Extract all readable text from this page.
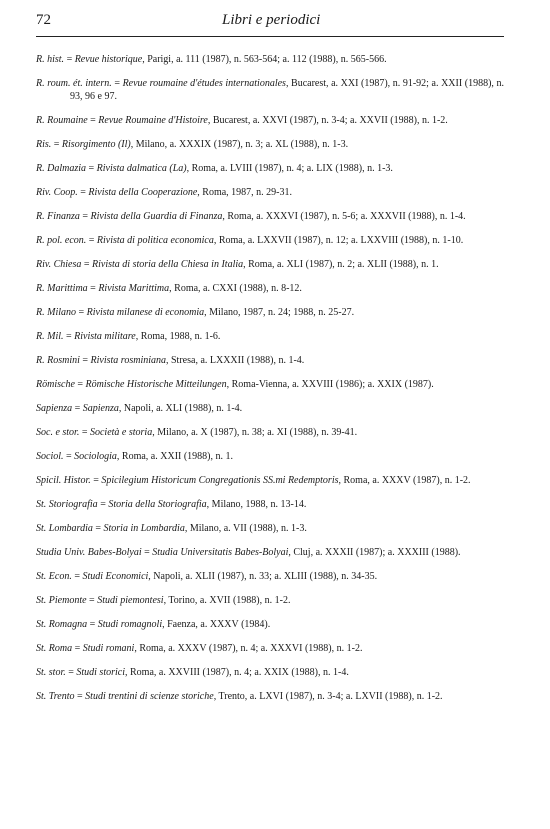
72	Libri e periodici
R. hist. = Revue historique, Parigi, a. 111 (1987), n. 563-564; a. 112 (1988), n. 565-566.
R. roum. ét. intern. = Revue roumaine d'études internationales, Bucarest, a. XXI (1987), n. 91-92; a. XXII (1988), n. 93, 96 e 97.
R. Roumaine = Revue Roumaine d'Histoire, Bucarest, a. XXVI (1987), n. 3-4; a. XXVII (1988), n. 1-2.
Ris. = Risorgimento (Il), Milano, a. XXXIX (1987), n. 3; a. XL (1988), n. 1-3.
R. Dalmazia = Rivista dalmatica (La), Roma, a. LVIII (1987), n. 4; a. LIX (1988), n. 1-3.
Riv. Coop. = Rivista della Cooperazione, Roma, 1987, n. 29-31.
R. Finanza = Rivista della Guardia di Finanza, Roma, a. XXXVI (1987), n. 5-6; a. XXXVII (1988), n. 1-4.
R. pol. econ. = Rivista di politica economica, Roma, a. LXXVII (1987), n. 12; a. LXXVIII (1988), n. 1-10.
Riv. Chiesa = Rivista di storia della Chiesa in Italia, Roma, a. XLI (1987), n. 2; a. XLII (1988), n. 1.
R. Marittima = Rivista Marittima, Roma, a. CXXI (1988), n. 8-12.
R. Milano = Rivista milanese di economia, Milano, 1987, n. 24; 1988, n. 25-27.
R. Mil. = Rivista militare, Roma, 1988, n. 1-6.
R. Rosmini = Rivista rosminiana, Stresa, a. LXXXII (1988), n. 1-4.
Römische = Römische Historische Mitteilungen, Roma-Vienna, a. XXVIII (1986); a. XXIX (1987).
Sapienza = Sapienza, Napoli, a. XLI (1988), n. 1-4.
Soc. e stor. = Società e storia, Milano, a. X (1987), n. 38; a. XI (1988), n. 39-41.
Sociol. = Sociologia, Roma, a. XXII (1988), n. 1.
Spicil. Histor. = Spicilegium Historicum Congregationis SS.mi Redemptoris, Roma, a. XXXV (1987), n. 1-2.
St. Storiografia = Storia della Storiografia, Milano, 1988, n. 13-14.
St. Lombardia = Storia in Lombardia, Milano, a. VII (1988), n. 1-3.
Studia Univ. Babes-Bolyai = Studia Universitatis Babes-Bolyai, Cluj, a. XXXII (1987); a. XXXIII (1988).
St. Econ. = Studi Economici, Napoli, a. XLII (1987), n. 33; a. XLIII (1988), n. 34-35.
St. Piemonte = Studi piemontesi, Torino, a. XVII (1988), n. 1-2.
St. Romagna = Studi romagnoli, Faenza, a. XXXV (1984).
St. Roma = Studi romani, Roma, a. XXXV (1987), n. 4; a. XXXVI (1988), n. 1-2.
St. stor. = Studi storici, Roma, a. XXVIII (1987), n. 4; a. XXIX (1988), n. 1-4.
St. Trento = Studi trentini di scienze storiche, Trento, a. LXVI (1987), n. 3-4; a. LXVII (1988), n. 1-2.
